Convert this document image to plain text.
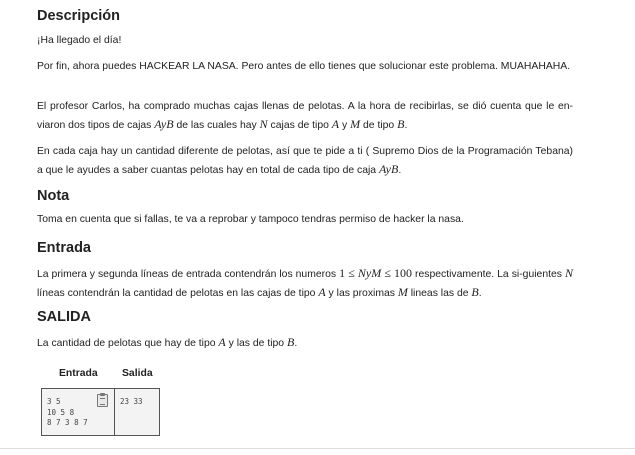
Descripción

¡Ha llegado el día!

Por fin, ahora puedes HACKEAR LA NASA. Pero antes de ello tienes que solucionar este problema. MUAHAHAHA.

El profesor Carlos, ha comprado muchas cajas llenas de pelotas. A la hora de recibirlas, se dió cuenta que le en-viaron dos tipos de cajas AyB de las cuales hay N cajas de tipo A y M de tipo B.

En cada caja hay un cantidad diferente de pelotas, así que te pide a ti ( Supremo Dios de la Programación Tebana) a que le ayudes a saber cuantas pelotas hay en total de cada tipo de caja AyB.

Nota

Toma en cuenta que si fallas, te va a reprobar y tampoco tendras permiso de hacker la nasa.

Entrada

La primera y segunda líneas de entrada contendrán los numeros 1 ≤ NyM ≤ 100 respectivamente. La si-guientes N líneas contendrán la cantidad de pelotas en las cajas de tipo A y las proximas M lineas las de B.

SALIDA

La cantidad de pelotas que hay de tipo A y las de tipo B.

Entrada Salida
3 5
10 5 8
8 7 3 8 7
23 33
